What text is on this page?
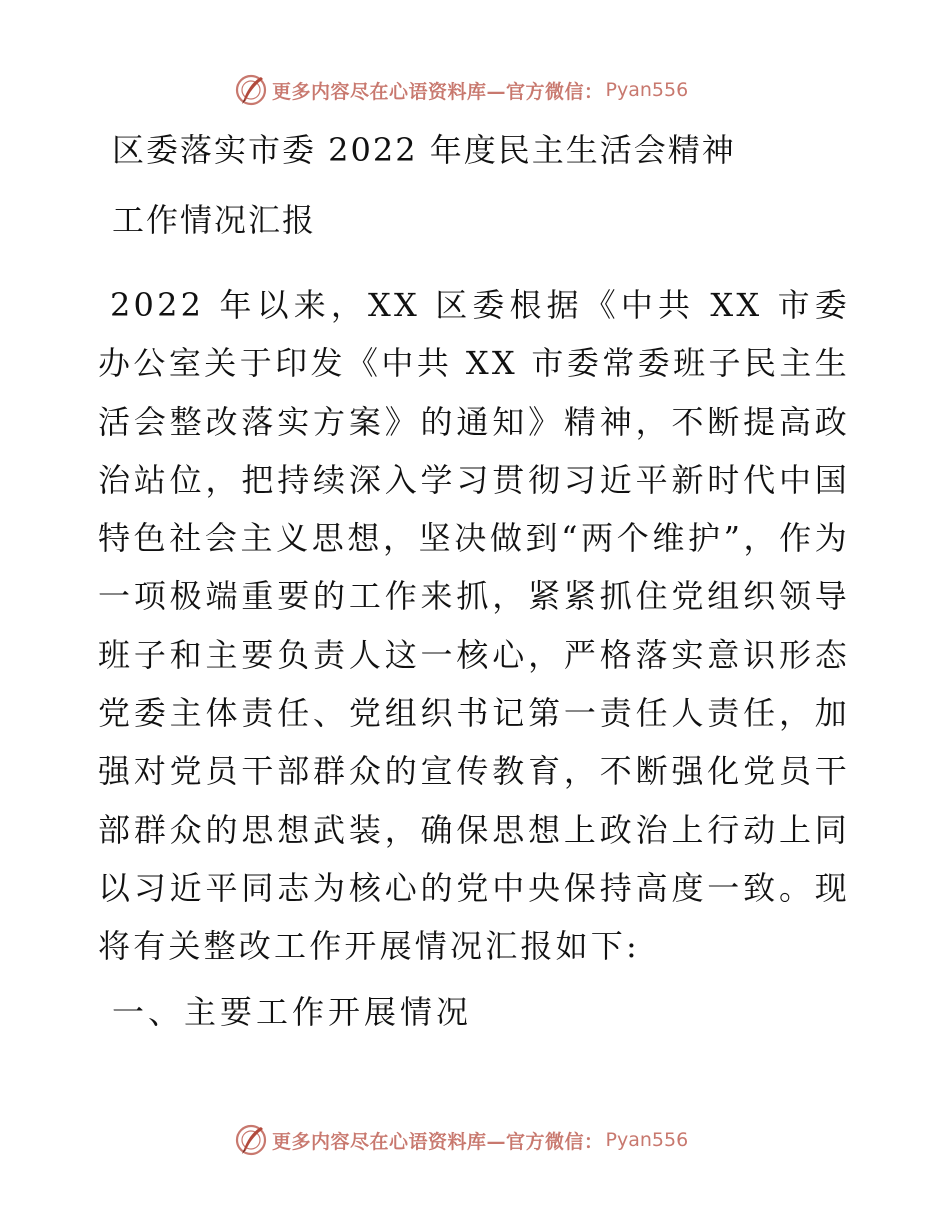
更多内容尽在心语资料库—官方微信： Pyan556
区委落实市委 2022 年度民主生活会精神
工作情况汇报
2022 年以来，XX 区委根据《中共 XX 市委办公室关于印发《中共 XX 市委常委班子民主生活会整改落实方案》的通知》精神，不断提高政治站位，把持续深入学习贯彻习近平新时代中国特色社会主义思想，坚决做到“两个维护”，作为一项极端重要的工作来抓，紧紧抓住党组织领导班子和主要负责人这一核心，严格落实意识形态党委主体责任、党组织书记第一责任人责任，加强对党员干部群众的宣传教育，不断强化党员干部群众的思想武装，确保思想上政治上行动上同以习近平同志为核心的党中央保持高度一致。现将有关整改工作开展情况汇报如下:
一、主要工作开展情况
更多内容尽在心语资料库—官方微信： Pyan556
